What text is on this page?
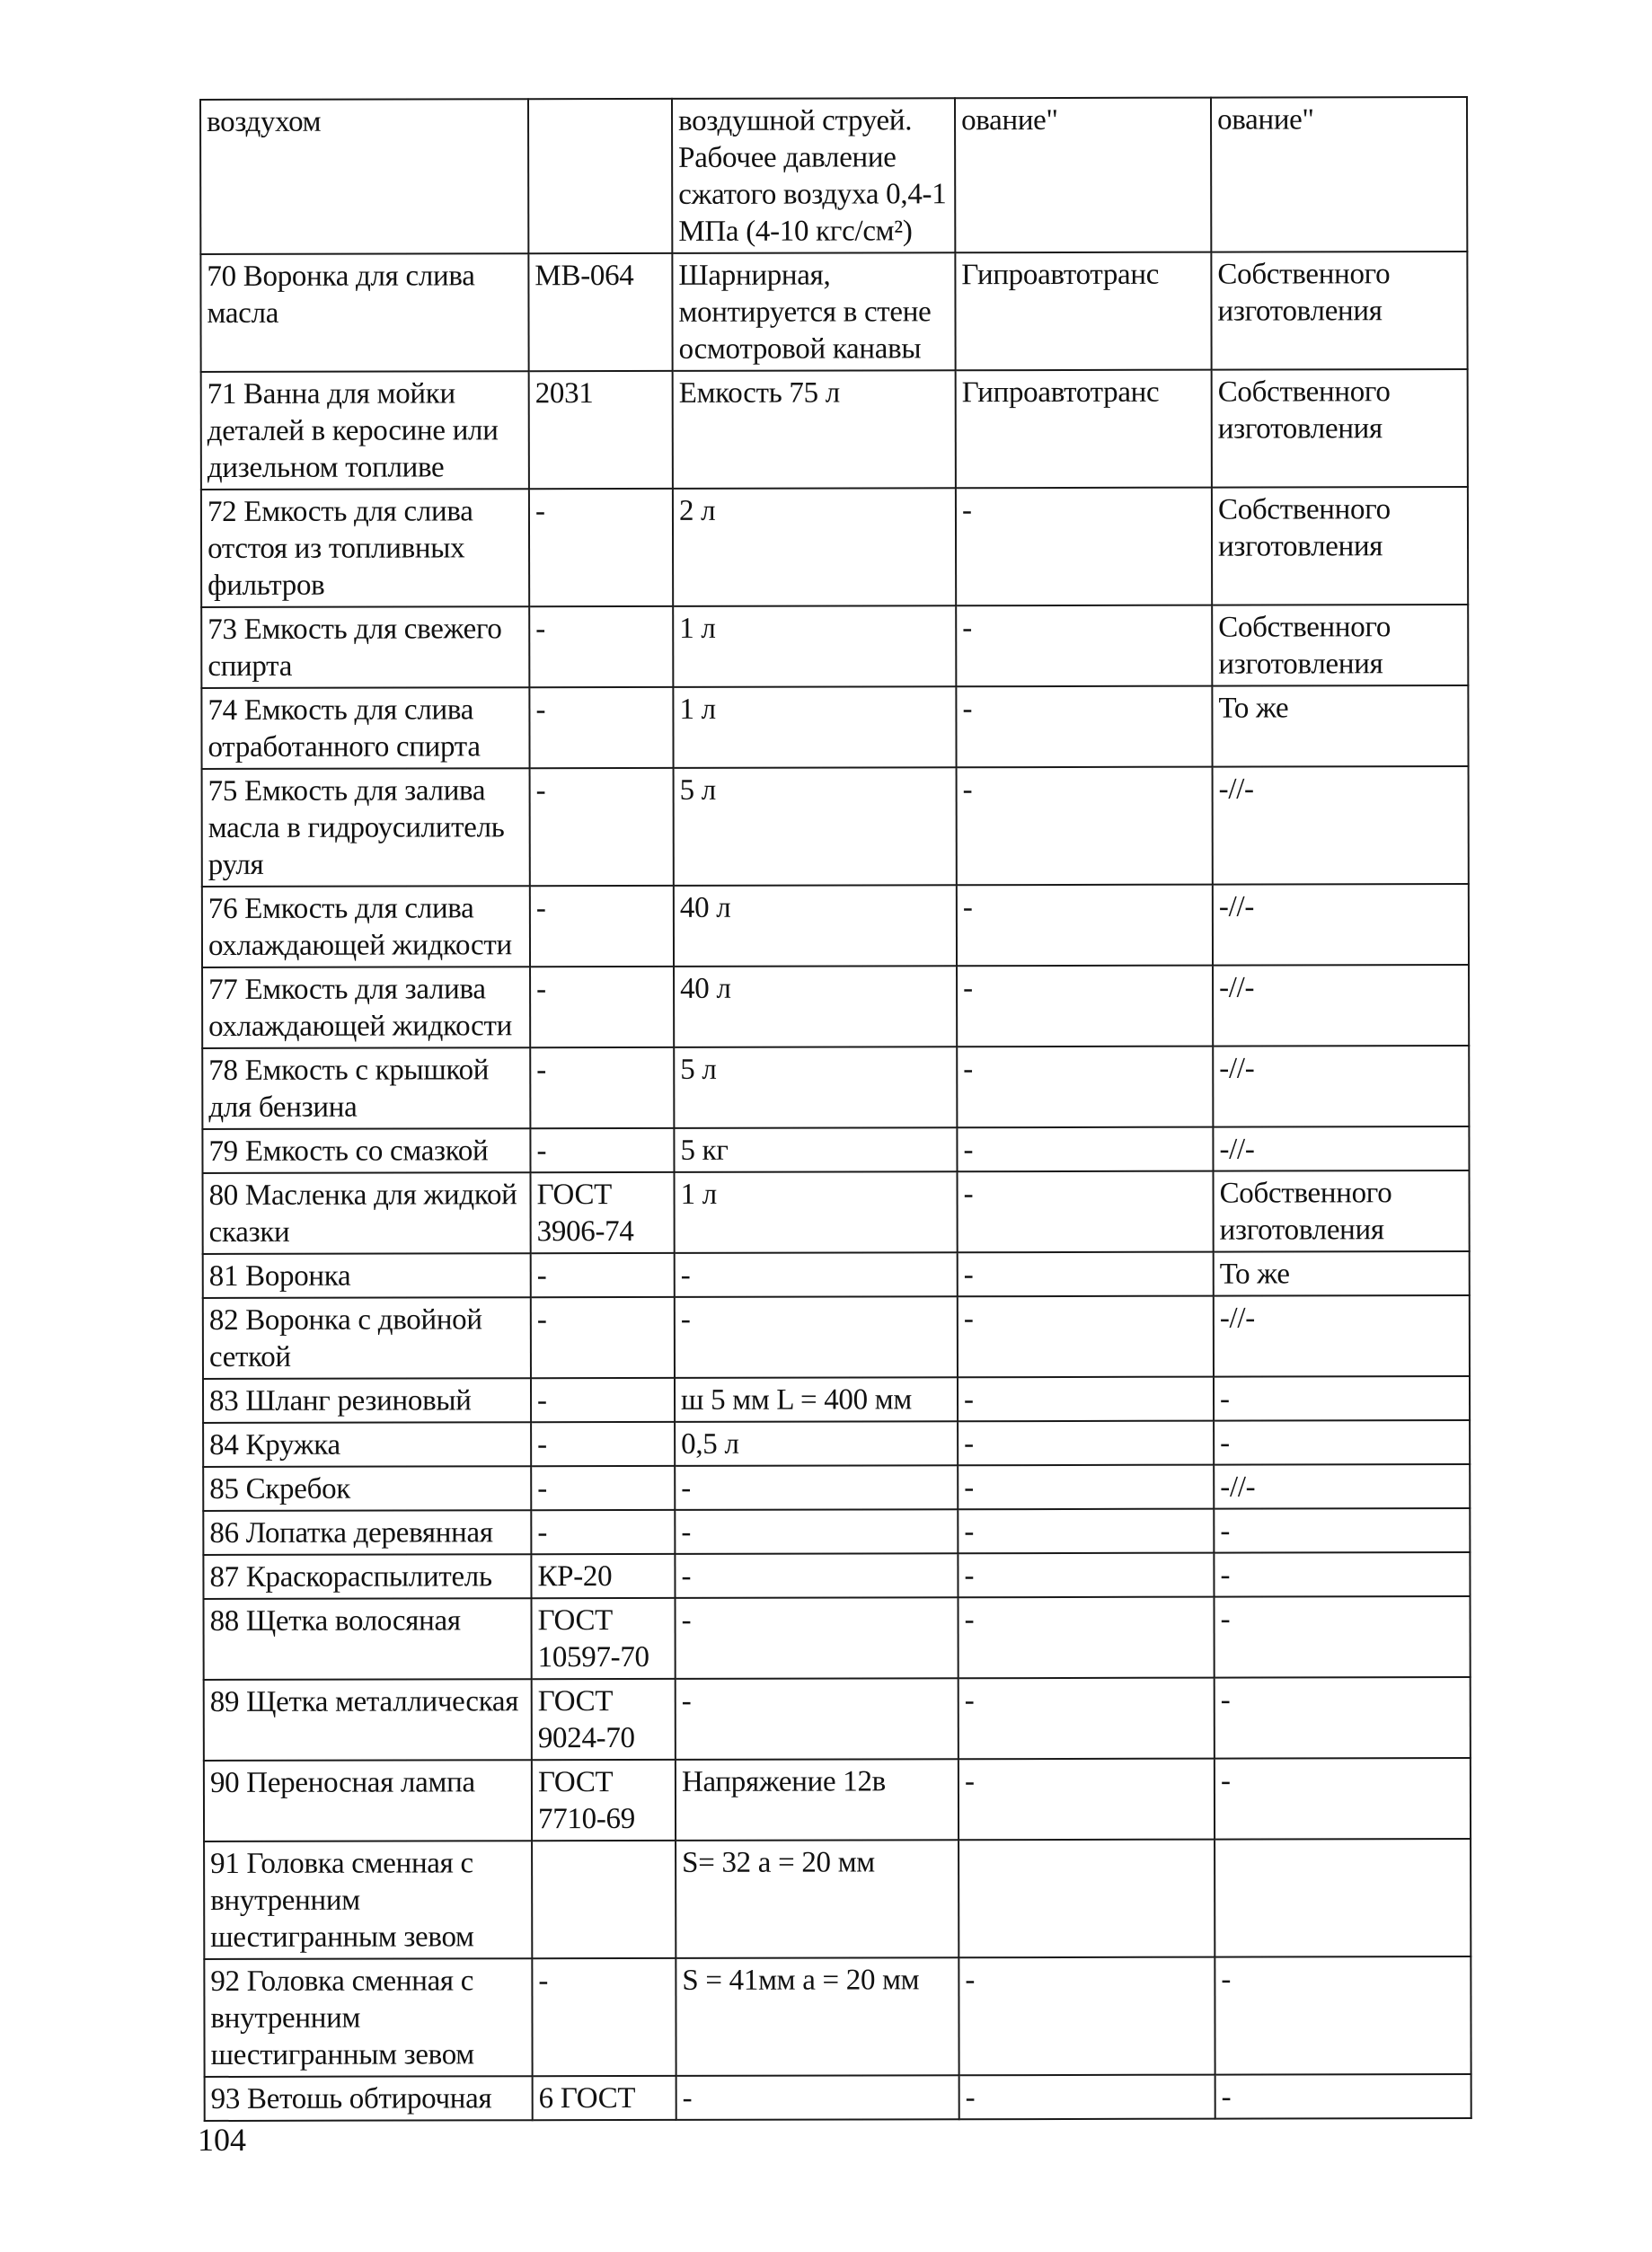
воздухом		воздушной струей. Рабочее давление сжатого воздуха 0,4-1 МПа (4-10 кгс/см²)	ование"	ование"
70 Воронка для слива масла	МВ-064	Шарнирная, монтируется в стене осмотровой канавы	Гипроавтотранс	Собственного изготовления
71 Ванна для мойки деталей в керосине или дизельном топливе	2031	Емкость 75 л	Гипроавтотранс	Собственного изготовления
72 Емкость для слива отстоя из топливных фильтров	-	2 л	-	Собственного изготовления
73 Емкость для свежего спирта	-	1 л	-	Собственного изготовления
74 Емкость для слива отработанного спирта	-	1 л	-	То же
75 Емкость для залива масла в гидроусилитель руля	-	5 л	-	-//-
76 Емкость для слива охлаждающей жидкости	-	40 л	-	-//-
77 Емкость для залива охлаждающей жидкости	-	40 л	-	-//-
78 Емкость с крышкой для бензина	-	5 л	-	-//-
79 Емкость со смазкой	-	5 кг	-	-//-
80 Масленка для жидкой сказки	ГОСТ 3906-74	1 л	-	Собственного изготовления
81 Воронка	-	-	-	То же
82 Воронка с двойной сеткой	-	-	-	-//-
83 Шланг резиновый	-	ш 5 мм L = 400 мм	-	-
84 Кружка	-	0,5 л	-	-
85 Скребок	-	-	-	-//-
86 Лопатка деревянная	-	-	-	-
87 Краскораспылитель	КР-20	-	-	-
88 Щетка волосяная	ГОСТ 10597-70	-	-	-
89 Щетка металлическая	ГОСТ 9024-70	-	-	-
90 Переносная лампа	ГОСТ 7710-69	Напряжение 12в	-	-
91 Головка сменная с внутренним шестигранным зевом		S= 32 a = 20 мм		
92 Головка сменная с внутренним шестигранным зевом	-	S = 41мм a = 20 мм	-	-
93 Ветошь обтирочная	6 ГОСТ	-	-	-
104
